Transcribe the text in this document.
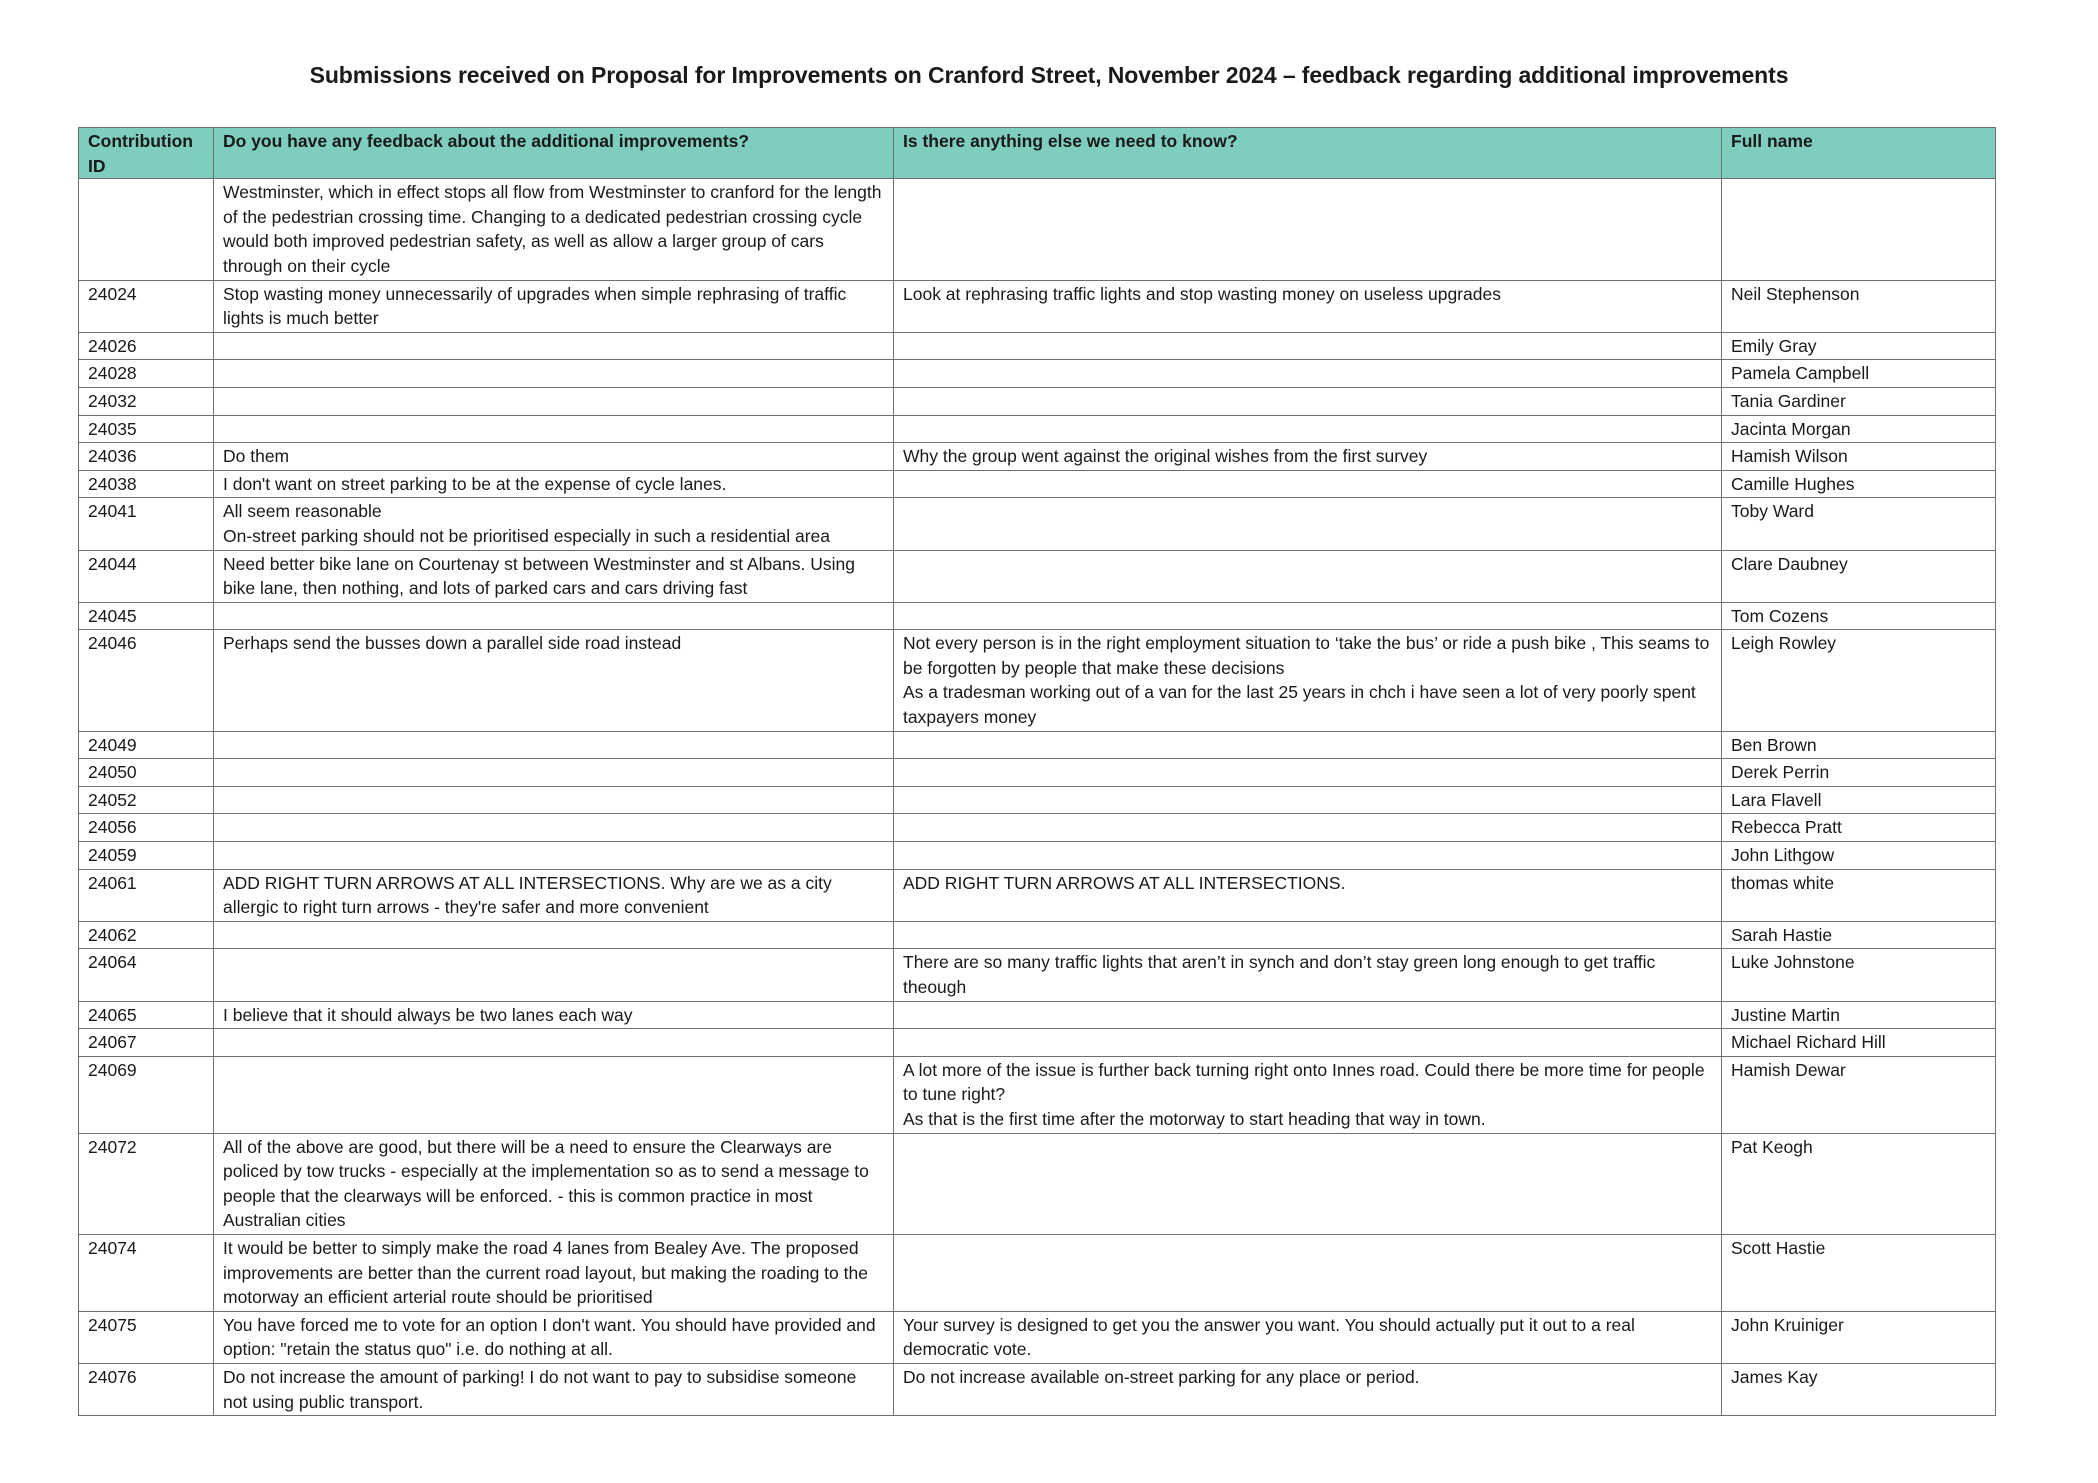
Submissions received on Proposal for Improvements on Cranford Street, November 2024 – feedback regarding additional improvements
Contribution ID	Do you have any feedback about the additional improvements?	Is there anything else we need to know?	Full name
	Westminster, which in effect stops all flow from Westminster to cranford for the length of the pedestrian crossing time. Changing to a dedicated pedestrian crossing cycle would both improved pedestrian safety, as well as allow a larger group of cars through on their cycle		
24024	Stop wasting money unnecessarily of upgrades when simple rephrasing of traffic lights is much better	Look at rephrasing traffic lights and stop wasting money on useless upgrades	Neil Stephenson
24026			Emily Gray
24028			Pamela Campbell
24032			Tania Gardiner
24035			Jacinta Morgan
24036	Do them	Why the group went against the original wishes from the first survey	Hamish Wilson
24038	I don't want on street parking to be at the expense of cycle lanes.		Camille Hughes
24041	All seem reasonable
On-street parking should not be prioritised especially in such a residential area		Toby Ward
24044	Need better bike lane on Courtenay st between Westminster and st Albans. Using bike lane, then nothing, and lots of parked cars and cars driving fast		Clare Daubney
24045			Tom Cozens
24046	Perhaps send the busses down a parallel side road instead	Not every person is in the right employment situation to ‘take the bus’ or ride a push bike , This seams to be forgotten by people that make these decisions
As a tradesman working out of a van for the last 25 years in chch i have seen a lot of very poorly spent taxpayers money	Leigh Rowley
24049			Ben Brown
24050			Derek Perrin
24052			Lara Flavell
24056			Rebecca Pratt
24059			John Lithgow
24061	ADD RIGHT TURN ARROWS AT ALL INTERSECTIONS. Why are we as a city allergic to right turn arrows - they're safer and more convenient	ADD RIGHT TURN ARROWS AT ALL INTERSECTIONS.	thomas white
24062			Sarah Hastie
24064		There are so many traffic lights that aren’t in synch and don’t stay green long enough to get traffic theough	Luke Johnstone
24065	I believe that it should always be two lanes each way		Justine Martin
24067			Michael Richard Hill
24069		A lot more of the issue is further back turning right onto Innes road. Could there be more time for people to tune right?
As that is the first time after the motorway to start heading that way in town.	Hamish Dewar
24072	All of the above are good, but there will be a need to ensure the Clearways are policed by tow trucks - especially at the implementation so as to send a message to people that the clearways will be enforced. - this is common practice in most Australian cities		Pat Keogh
24074	It would be better to simply make the road 4 lanes from Bealey Ave. The proposed improvements are better than the current road layout, but making the roading to the motorway an efficient arterial route should be prioritised		Scott Hastie
24075	You have forced me to vote for an option I don't want. You should have provided and option: "retain the status quo" i.e. do nothing at all.	Your survey is designed to get you the answer you want. You should actually put it out to a real democratic vote.	John Kruiniger
24076	Do not increase the amount of parking! I do not want to pay to subsidise someone not using public transport.	Do not increase available on-street parking for any place or period.	James Kay
